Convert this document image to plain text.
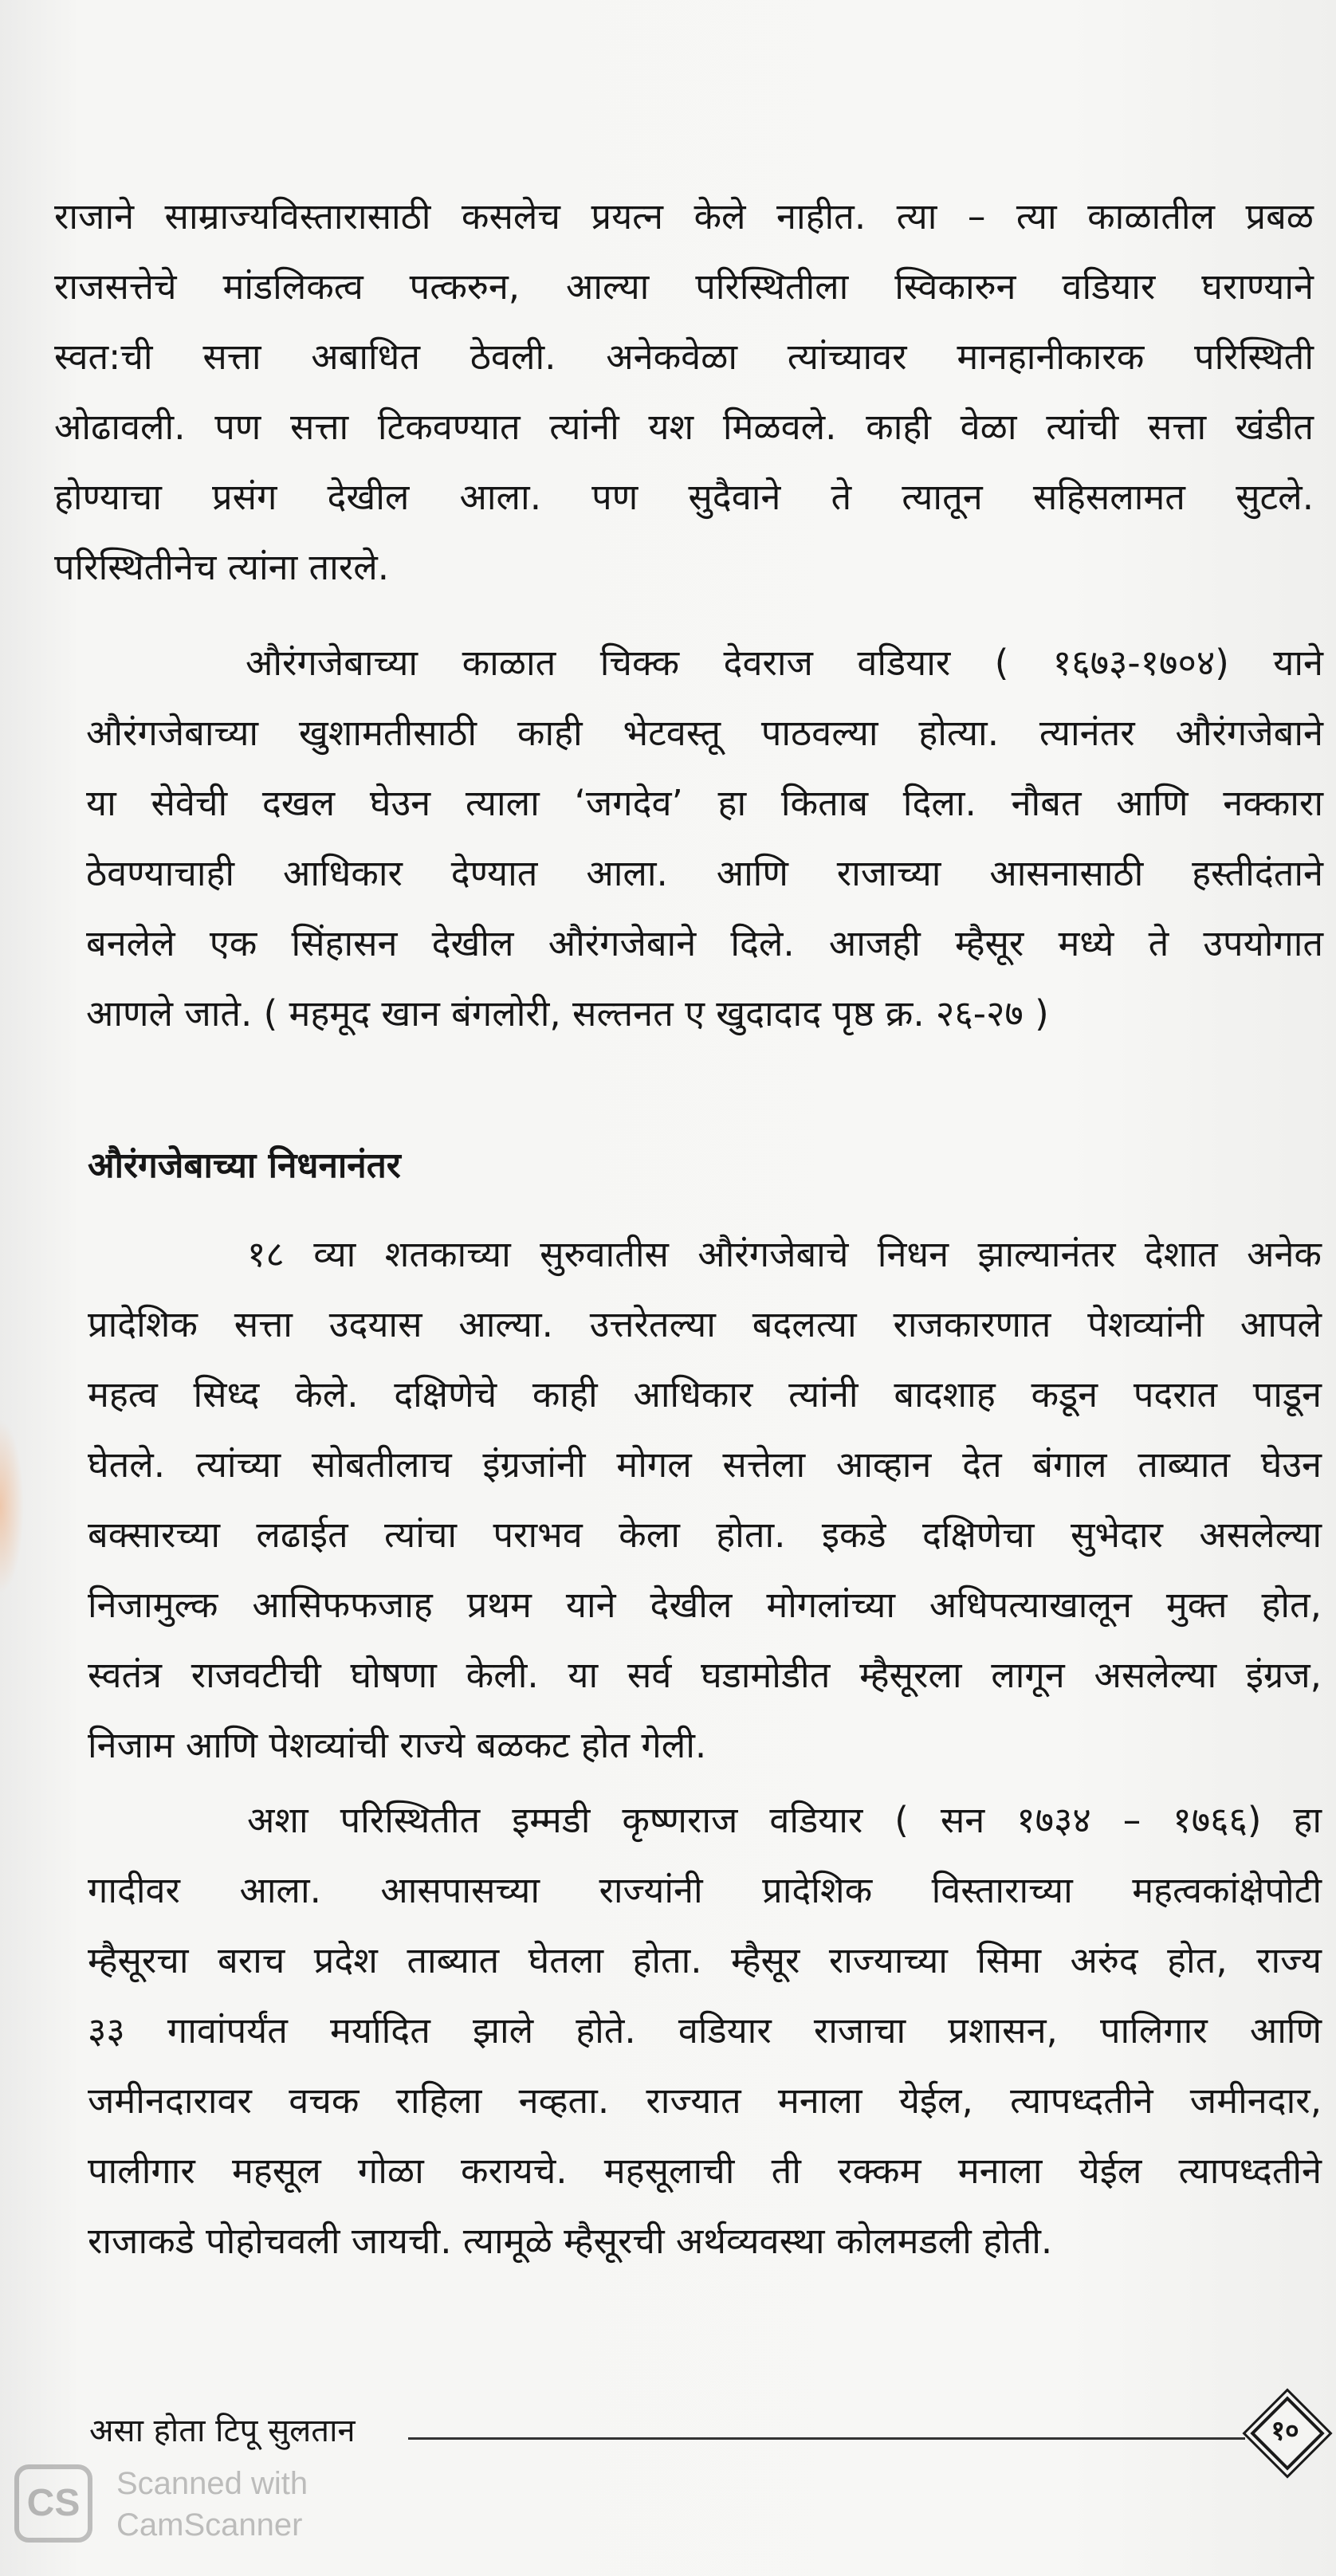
राजाने साम्राज्यविस्तारासाठी कसलेच प्रयत्न केले नाहीत. त्या – त्या काळातील प्रबळ
राजसत्तेचे मांडलिकत्व पत्करुन, आल्या परिस्थितीला स्विकारुन वडियार घराण्याने
स्वत:ची सत्ता अबाधित ठेवली. अनेकवेळा त्यांच्यावर मानहानीकारक परिस्थिती
ओढावली. पण सत्ता टिकवण्यात त्यांनी यश मिळवले. काही वेळा त्यांची सत्ता खंडीत
होण्याचा प्रसंग देखील आला. पण सुदैवाने ते त्यातून सहिसलामत सुटले.
परिस्थितीनेच त्यांना तारले.
औरंगजेबाच्या काळात चिक्क देवराज वडियार ( १६७३-१७०४) याने
औरंगजेबाच्या खुशामतीसाठी काही भेटवस्तू पाठवल्या होत्या. त्यानंतर औरंगजेबाने
या सेवेची दखल घेउन त्याला ‘जगदेव’ हा किताब दिला. नौबत आणि नक्कारा
ठेवण्याचाही आधिकार देण्यात आला. आणि राजाच्या आसनासाठी हस्तीदंताने
बनलेले एक सिंहासन देखील औरंगजेबाने दिले. आजही म्हैसूर मध्ये ते उपयोगात
आणले जाते. ( महमूद खान बंगलोरी, सल्तनत ए खुदादाद पृष्ठ क्र. २६-२७ )
औरंगजेबाच्या निधनानंतर
१८ व्या शतकाच्या सुरुवातीस औरंगजेबाचे निधन झाल्यानंतर देशात अनेक
प्रादेशिक सत्ता उदयास आल्या. उत्तरेतल्या बदलत्या राजकारणात पेशव्यांनी आपले
महत्व सिध्द केले. दक्षिणेचे काही आधिकार त्यांनी बादशाह कडून पदरात पाडून
घेतले. त्यांच्या सोबतीलाच इंग्रजांनी मोगल सत्तेला आव्हान देत बंगाल ताब्यात घेउन
बक्सारच्या लढाईत त्यांचा पराभव केला होता. इकडे दक्षिणेचा सुभेदार असलेल्या
निजामुल्क आसिफफजाह प्रथम याने देखील मोगलांच्या अधिपत्याखालून मुक्त होत,
स्वतंत्र राजवटीची घोषणा केली. या सर्व घडामोडीत म्हैसूरला लागून असलेल्या इंग्रज,
निजाम आणि पेशव्यांची राज्ये बळकट होत गेली.
अशा परिस्थितीत इम्मडी कृष्णराज वडियार ( सन १७३४ – १७६६) हा
गादीवर आला. आसपासच्या राज्यांनी प्रादेशिक विस्ताराच्या महत्वकांक्षेपोटी
म्हैसूरचा बराच प्रदेश ताब्यात घेतला होता. म्हैसूर राज्याच्या सिमा अरुंद होत, राज्य
३३ गावांपर्यंत मर्यादित झाले होते. वडियार राजाचा प्रशासन, पालिगार आणि
जमीनदारावर वचक राहिला नव्हता. राज्यात मनाला येईल, त्यापध्दतीने जमीनदार,
पालीगार महसूल गोळा करायचे. महसूलाची ती रक्कम मनाला येईल त्यापध्दतीने
राजाकडे पोहोचवली जायची. त्यामूळे म्हैसूरची अर्थव्यवस्था कोलमडली होती.
असा होता टिपू सुलतान	१०
CS Scanned with
CamScanner
